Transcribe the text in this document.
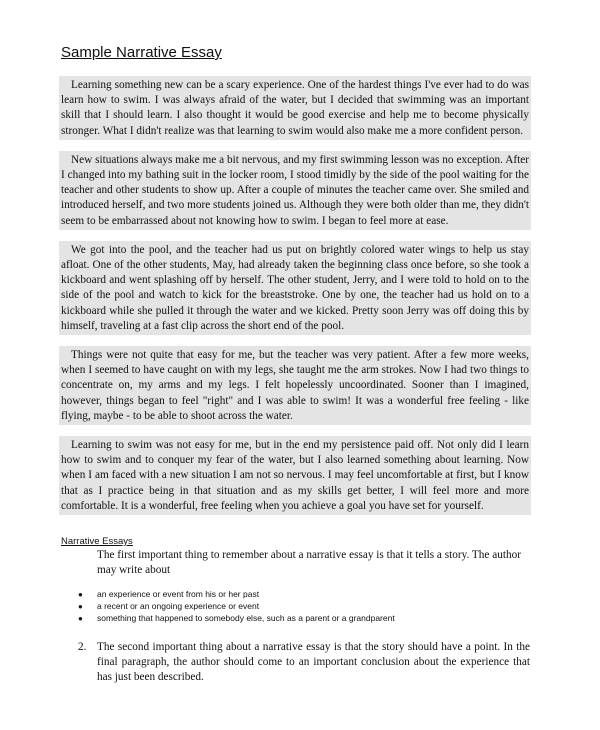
Sample Narrative Essay

Learning something new can be a scary experience. One of the hardest things I've ever had to do was learn how to swim. I was always afraid of the water, but I decided that swimming was an important skill that I should learn. I also thought it would be good exercise and help me to become physically stronger. What I didn't realize was that learning to swim would also make me a more confident person.

New situations always make me a bit nervous, and my first swimming lesson was no exception. After I changed into my bathing suit in the locker room, I stood timidly by the side of the pool waiting for the teacher and other students to show up. After a couple of minutes the teacher came over. She smiled and introduced herself, and two more students joined us. Although they were both older than me, they didn't seem to be embarrassed about not knowing how to swim. I began to feel more at ease.

We got into the pool, and the teacher had us put on brightly colored water wings to help us stay afloat. One of the other students, May, had already taken the beginning class once before, so she took a kickboard and went splashing off by herself. The other student, Jerry, and I were told to hold on to the side of the pool and watch to kick for the breaststroke. One by one, the teacher had us hold on to a kickboard while she pulled it through the water and we kicked. Pretty soon Jerry was off doing this by himself, traveling at a fast clip across the short end of the pool.

Things were not quite that easy for me, but the teacher was very patient. After a few more weeks, when I seemed to have caught on with my legs, she taught me the arm strokes. Now I had two things to concentrate on, my arms and my legs. I felt hopelessly uncoordinated. Sooner than I imagined, however, things began to feel "right" and I was able to swim! It was a wonderful free feeling - like flying, maybe - to be able to shoot across the water.

Learning to swim was not easy for me, but in the end my persistence paid off. Not only did I learn how to swim and to conquer my fear of the water, but I also learned something about learning. Now when I am faced with a new situation I am not so nervous. I may feel uncomfortable at first, but I know that as I practice being in that situation and as my skills get better, I will feel more and more comfortable. It is a wonderful, free feeling when you achieve a goal you have set for yourself.

Narrative Essays
The first important thing to remember about a narrative essay is that it tells a story. The author may write about
● an experience or event from his or her past
● a recent or an ongoing experience or event
● something that happened to somebody else, such as a parent or a grandparent
2. The second important thing about a narrative essay is that the story should have a point. In the final paragraph, the author should come to an important conclusion about the experience that has just been described.
